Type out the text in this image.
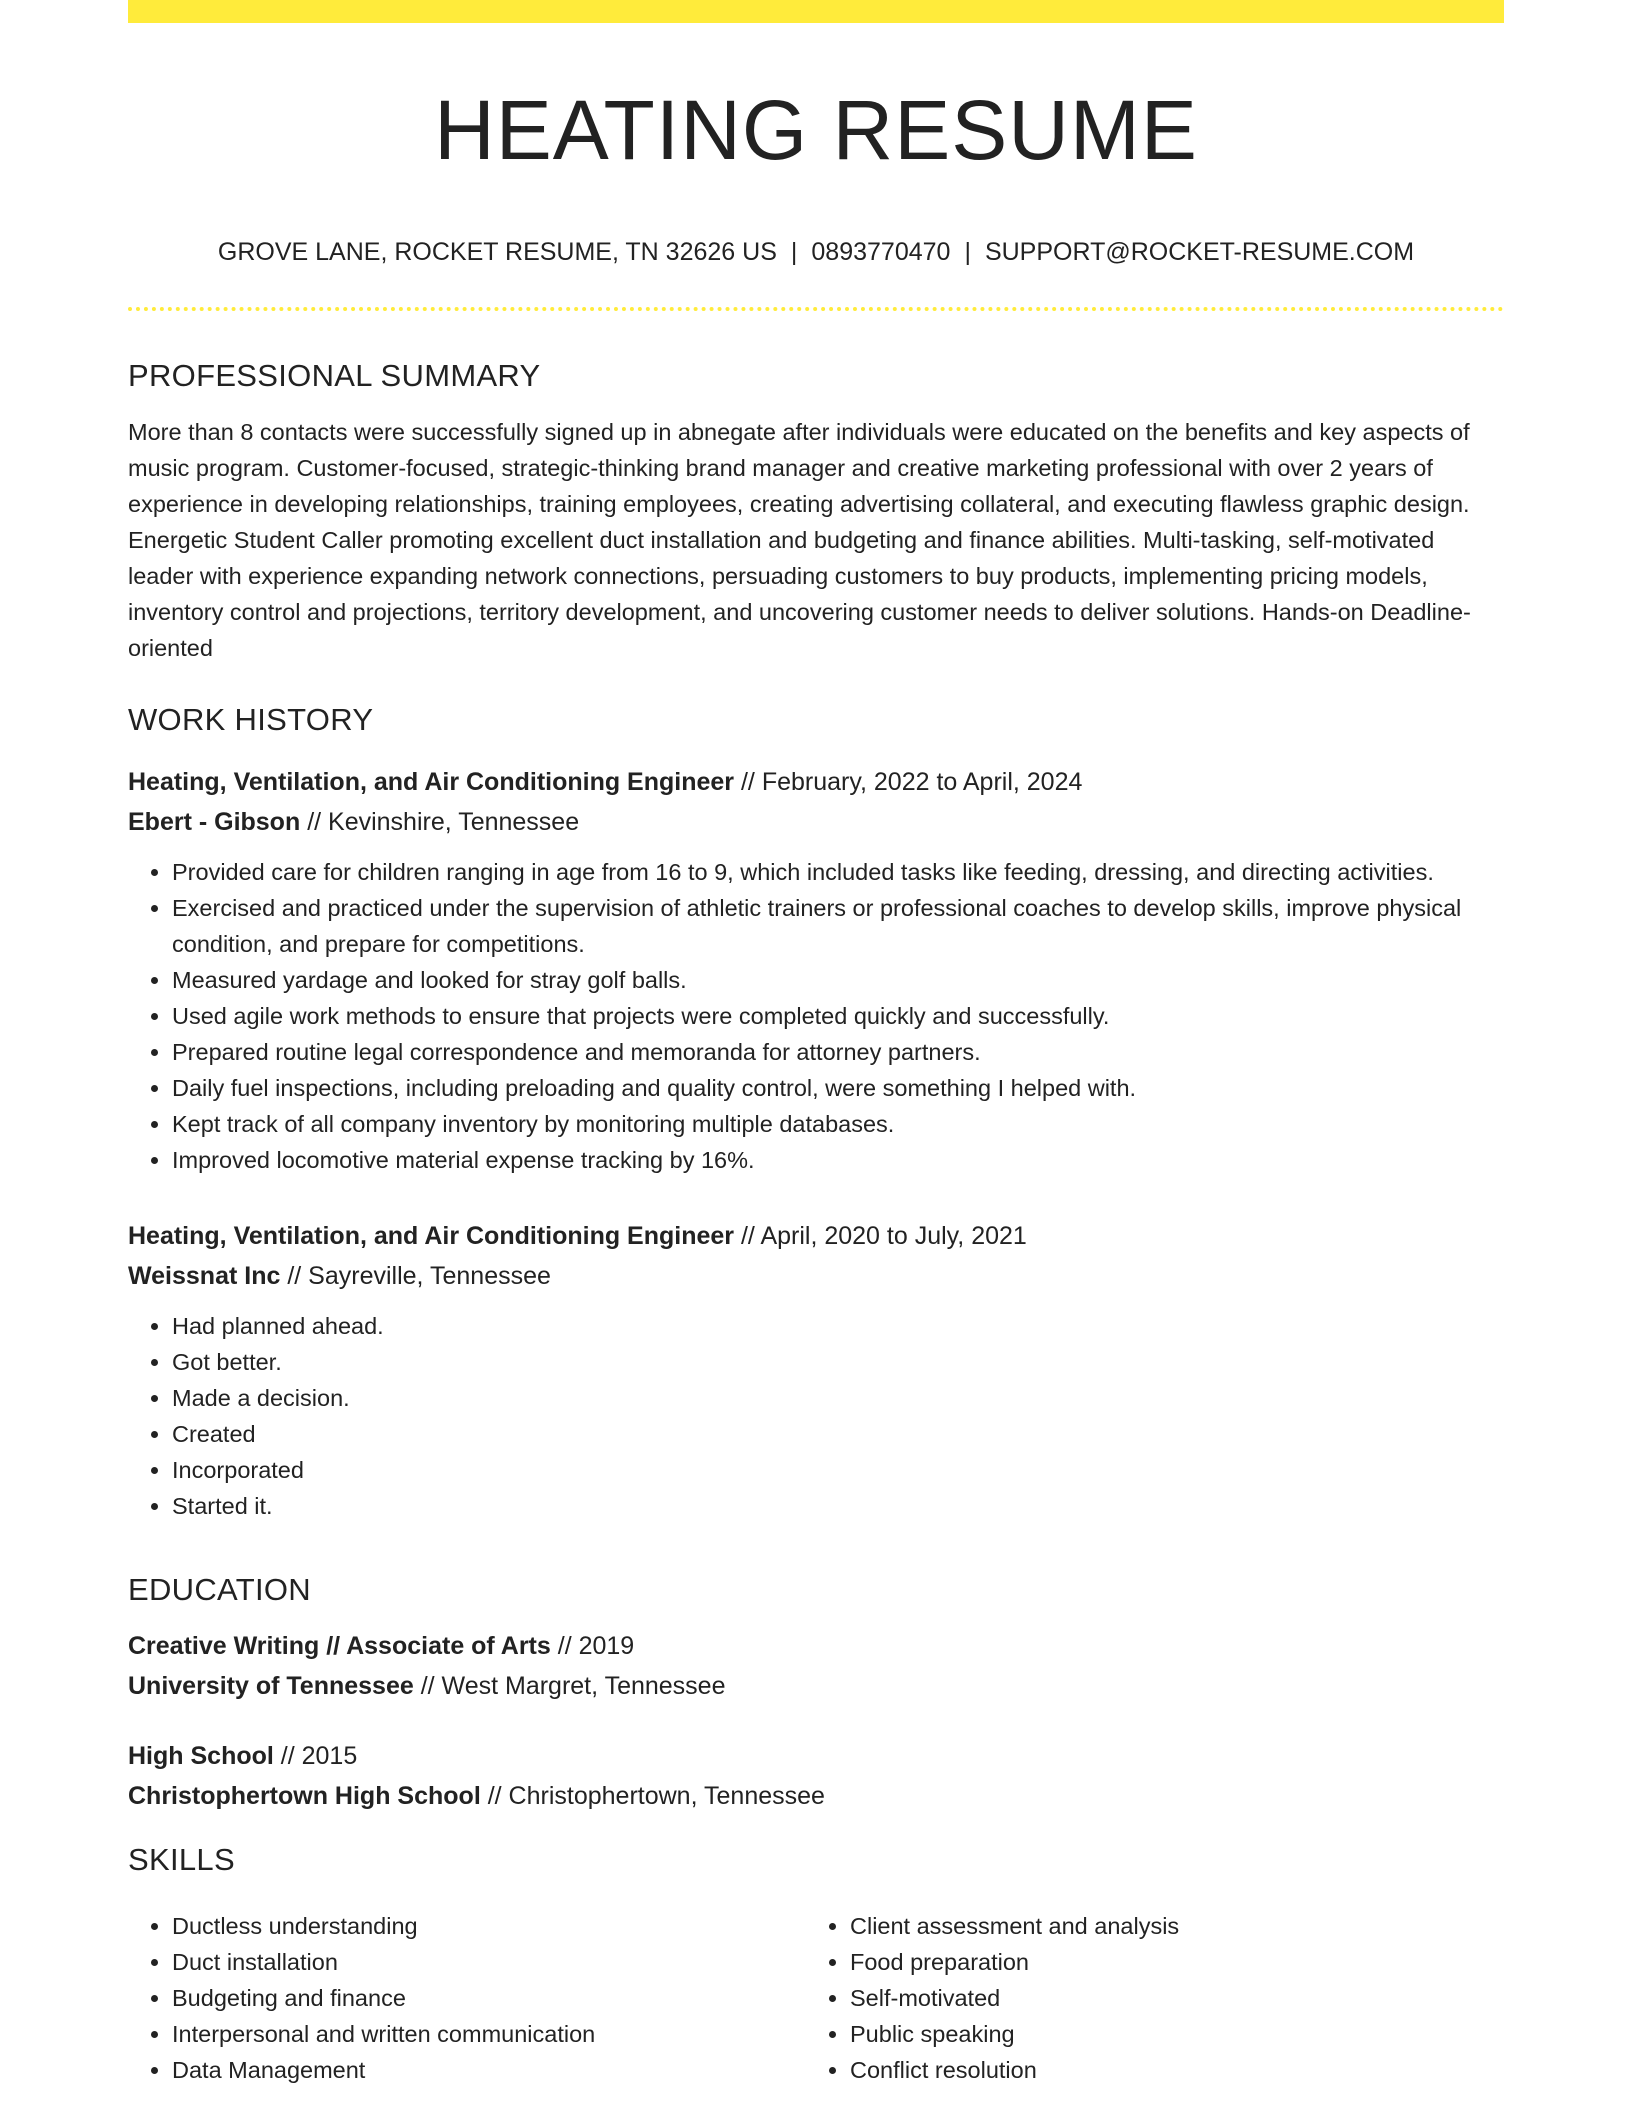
HEATING RESUME
GROVE LANE, ROCKET RESUME, TN 32626 US | 0893770470 | SUPPORT@ROCKET-RESUME.COM
PROFESSIONAL SUMMARY

More than 8 contacts were successfully signed up in abnegate after individuals were educated on the benefits and key aspects of music program. Customer-focused, strategic-thinking brand manager and creative marketing professional with over 2 years of experience in developing relationships, training employees, creating advertising collateral, and executing flawless graphic design. Energetic Student Caller promoting excellent duct installation and budgeting and finance abilities. Multi-tasking, self-motivated leader with experience expanding network connections, persuading customers to buy products, implementing pricing models, inventory control and projections, territory development, and uncovering customer needs to deliver solutions. Hands-on Deadline-oriented

WORK HISTORY
Heating, Ventilation, and Air Conditioning Engineer // February, 2022 to April, 2024
Ebert - Gibson // Kevinshire, Tennessee
• Provided care for children ranging in age from 16 to 9, which included tasks like feeding, dressing, and directing activities.
• Exercised and practiced under the supervision of athletic trainers or professional coaches to develop skills, improve physical condition, and prepare for competitions.
• Measured yardage and looked for stray golf balls.
• Used agile work methods to ensure that projects were completed quickly and successfully.
• Prepared routine legal correspondence and memoranda for attorney partners.
• Daily fuel inspections, including preloading and quality control, were something I helped with.
• Kept track of all company inventory by monitoring multiple databases.
• Improved locomotive material expense tracking by 16%.
Heating, Ventilation, and Air Conditioning Engineer // April, 2020 to July, 2021
Weissnat Inc // Sayreville, Tennessee
• Had planned ahead.
• Got better.
• Made a decision.
• Created
• Incorporated
• Started it.
EDUCATION
Creative Writing // Associate of Arts // 2019
University of Tennessee // West Margret, Tennessee
High School // 2015
Christophertown High School // Christophertown, Tennessee
SKILLS
• Ductless understanding
• Duct installation
• Budgeting and finance
• Interpersonal and written communication
• Data Management
• Client assessment and analysis
• Food preparation
• Self-motivated
• Public speaking
• Conflict resolution
